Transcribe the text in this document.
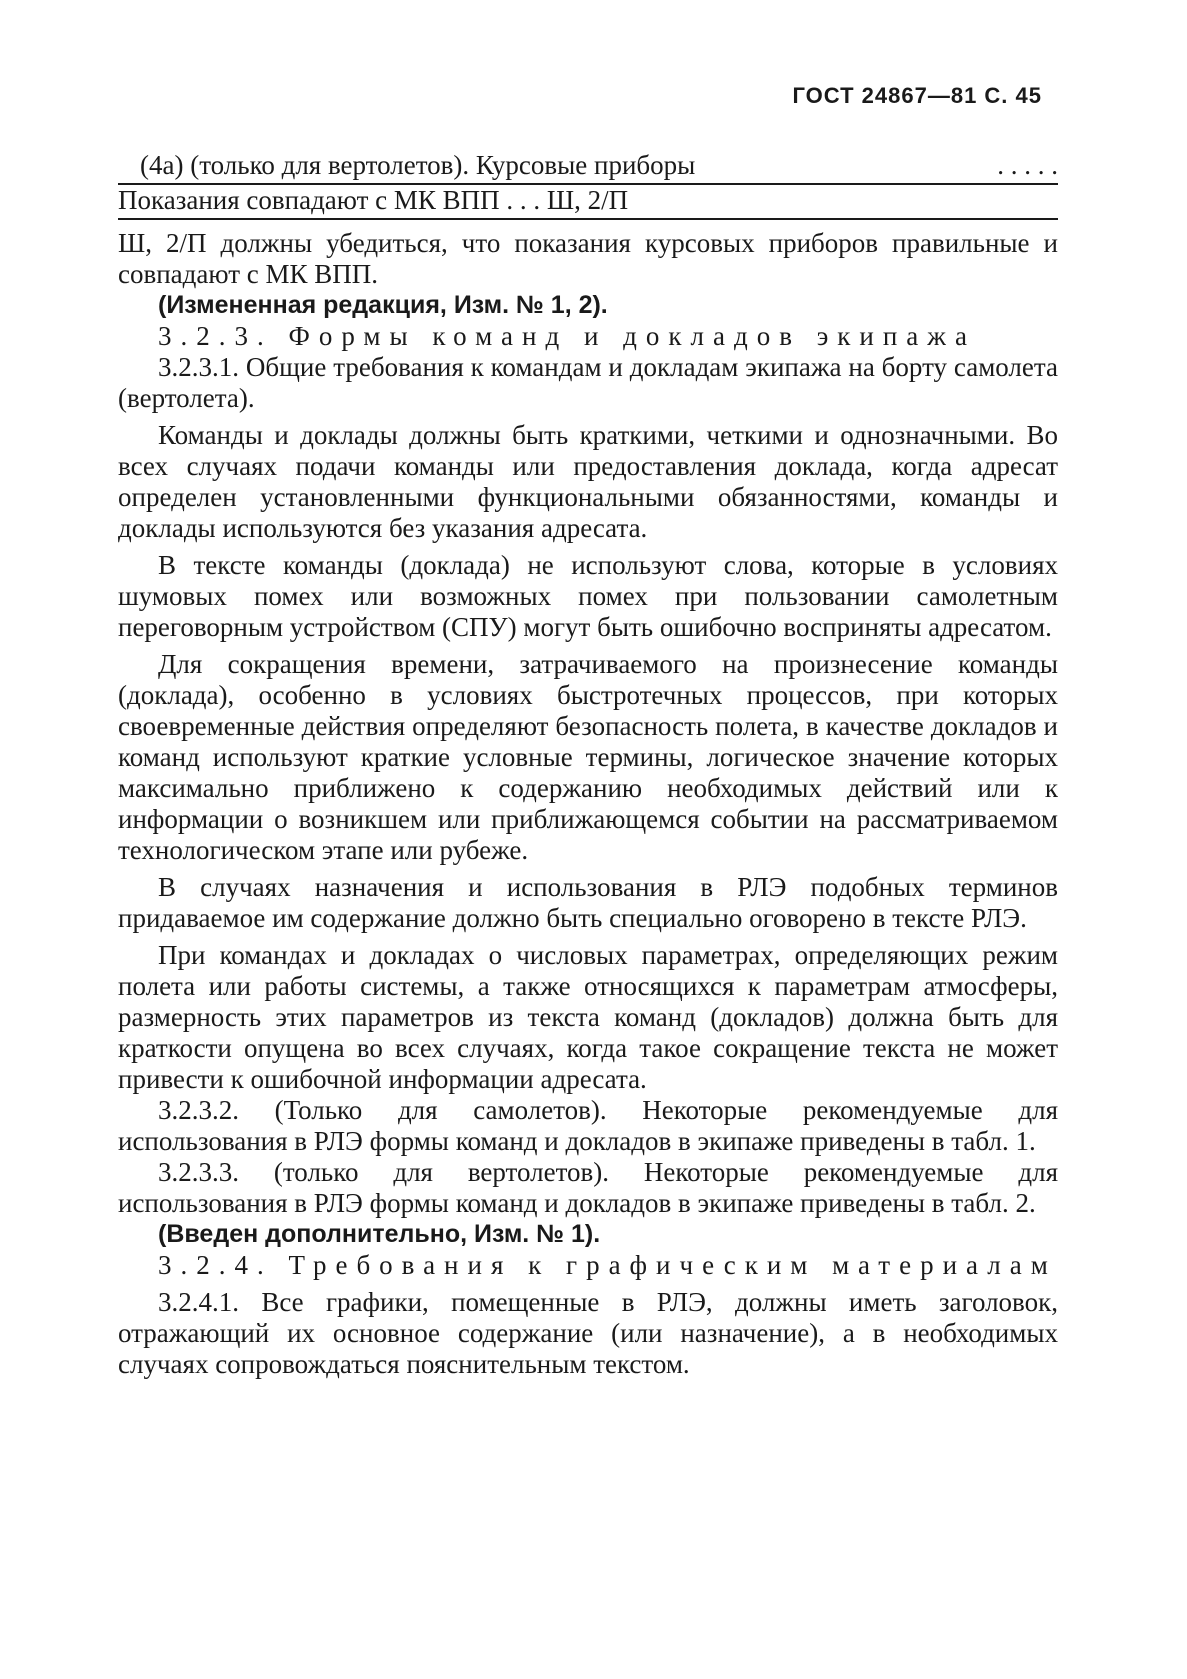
ГОСТ 24867—81 С. 45
(4а) (только для вертолетов). Курсовые приборы	. . . . .
Показания совпадают с МК ВПП . . . Ш, 2/П

Ш, 2/П должны убедиться, что показания курсовых приборов правильные и совпадают с МК ВПП.

(Измененная редакция, Изм. № 1, 2).

3.2.3. Формы команд и докладов экипажа

3.2.3.1. Общие требования к командам и докладам экипажа на борту самолета (вертолета).

Команды и доклады должны быть краткими, четкими и однозначными. Во всех случаях подачи команды или предоставления доклада, когда адресат определен установленными функциональными обязанностями, команды и доклады используются без указания адресата.

В тексте команды (доклада) не используют слова, которые в условиях шумовых помех или возможных помех при пользовании самолетным переговорным устройством (СПУ) могут быть ошибочно восприняты адресатом.

Для сокращения времени, затрачиваемого на произнесение команды (доклада), особенно в условиях быстротечных процессов, при которых своевременные действия определяют безопасность полета, в качестве докладов и команд используют краткие условные термины, логическое значение которых максимально приближено к содержанию необходимых действий или к информации о возникшем или приближающемся событии на рассматриваемом технологическом этапе или рубеже.

В случаях назначения и использования в РЛЭ подобных терминов придаваемое им содержание должно быть специально оговорено в тексте РЛЭ.

При командах и докладах о числовых параметрах, определяющих режим полета или работы системы, а также относящихся к параметрам атмосферы, размерность этих параметров из текста команд (докладов) должна быть для краткости опущена во всех случаях, когда такое сокращение текста не может привести к ошибочной информации адресата.

3.2.3.2. (Только для самолетов). Некоторые рекомендуемые для использования в РЛЭ формы команд и докладов в экипаже приведены в табл. 1.

3.2.3.3. (только для вертолетов). Некоторые рекомендуемые для использования в РЛЭ формы команд и докладов в экипаже приведены в табл. 2.

(Введен дополнительно, Изм. № 1).

3.2.4. Требования к графическим материалам

3.2.4.1. Все графики, помещенные в РЛЭ, должны иметь заголовок, отражающий их основное содержание (или назначение), а в необходимых случаях сопровождаться пояснительным текстом.
